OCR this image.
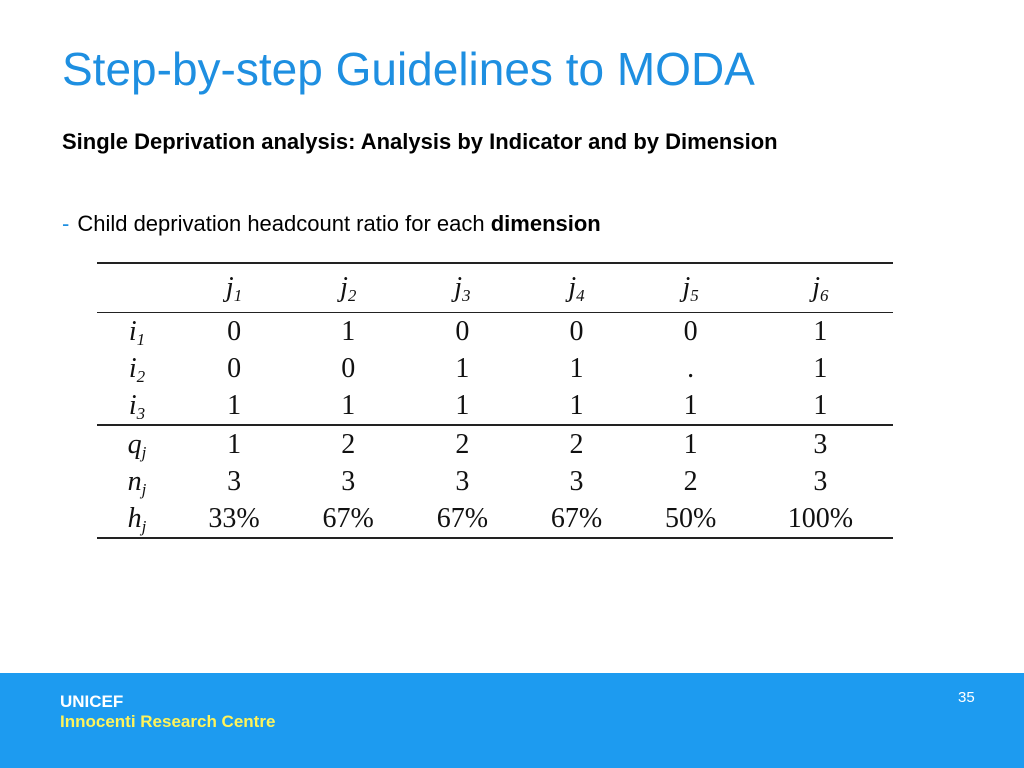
Step-by-step Guidelines to MODA
Single Deprivation analysis: Analysis by Indicator and by Dimension
- Child deprivation headcount ratio for each dimension
	$j_1$	$j_2$	$j_3$	$j_4$	$j_5$	$j_6$
$i_1$	0	1	0	0	0	1
$i_2$	0	0	1	1	.	1
$i_3$	1	1	1	1	1	1
$q_j$	1	2	2	2	1	3
$n_j$	3	3	3	3	2	3
$h_j$	33%	67%	67%	67%	50%	100%
UNICEF
Innocenti Research Centre
35
